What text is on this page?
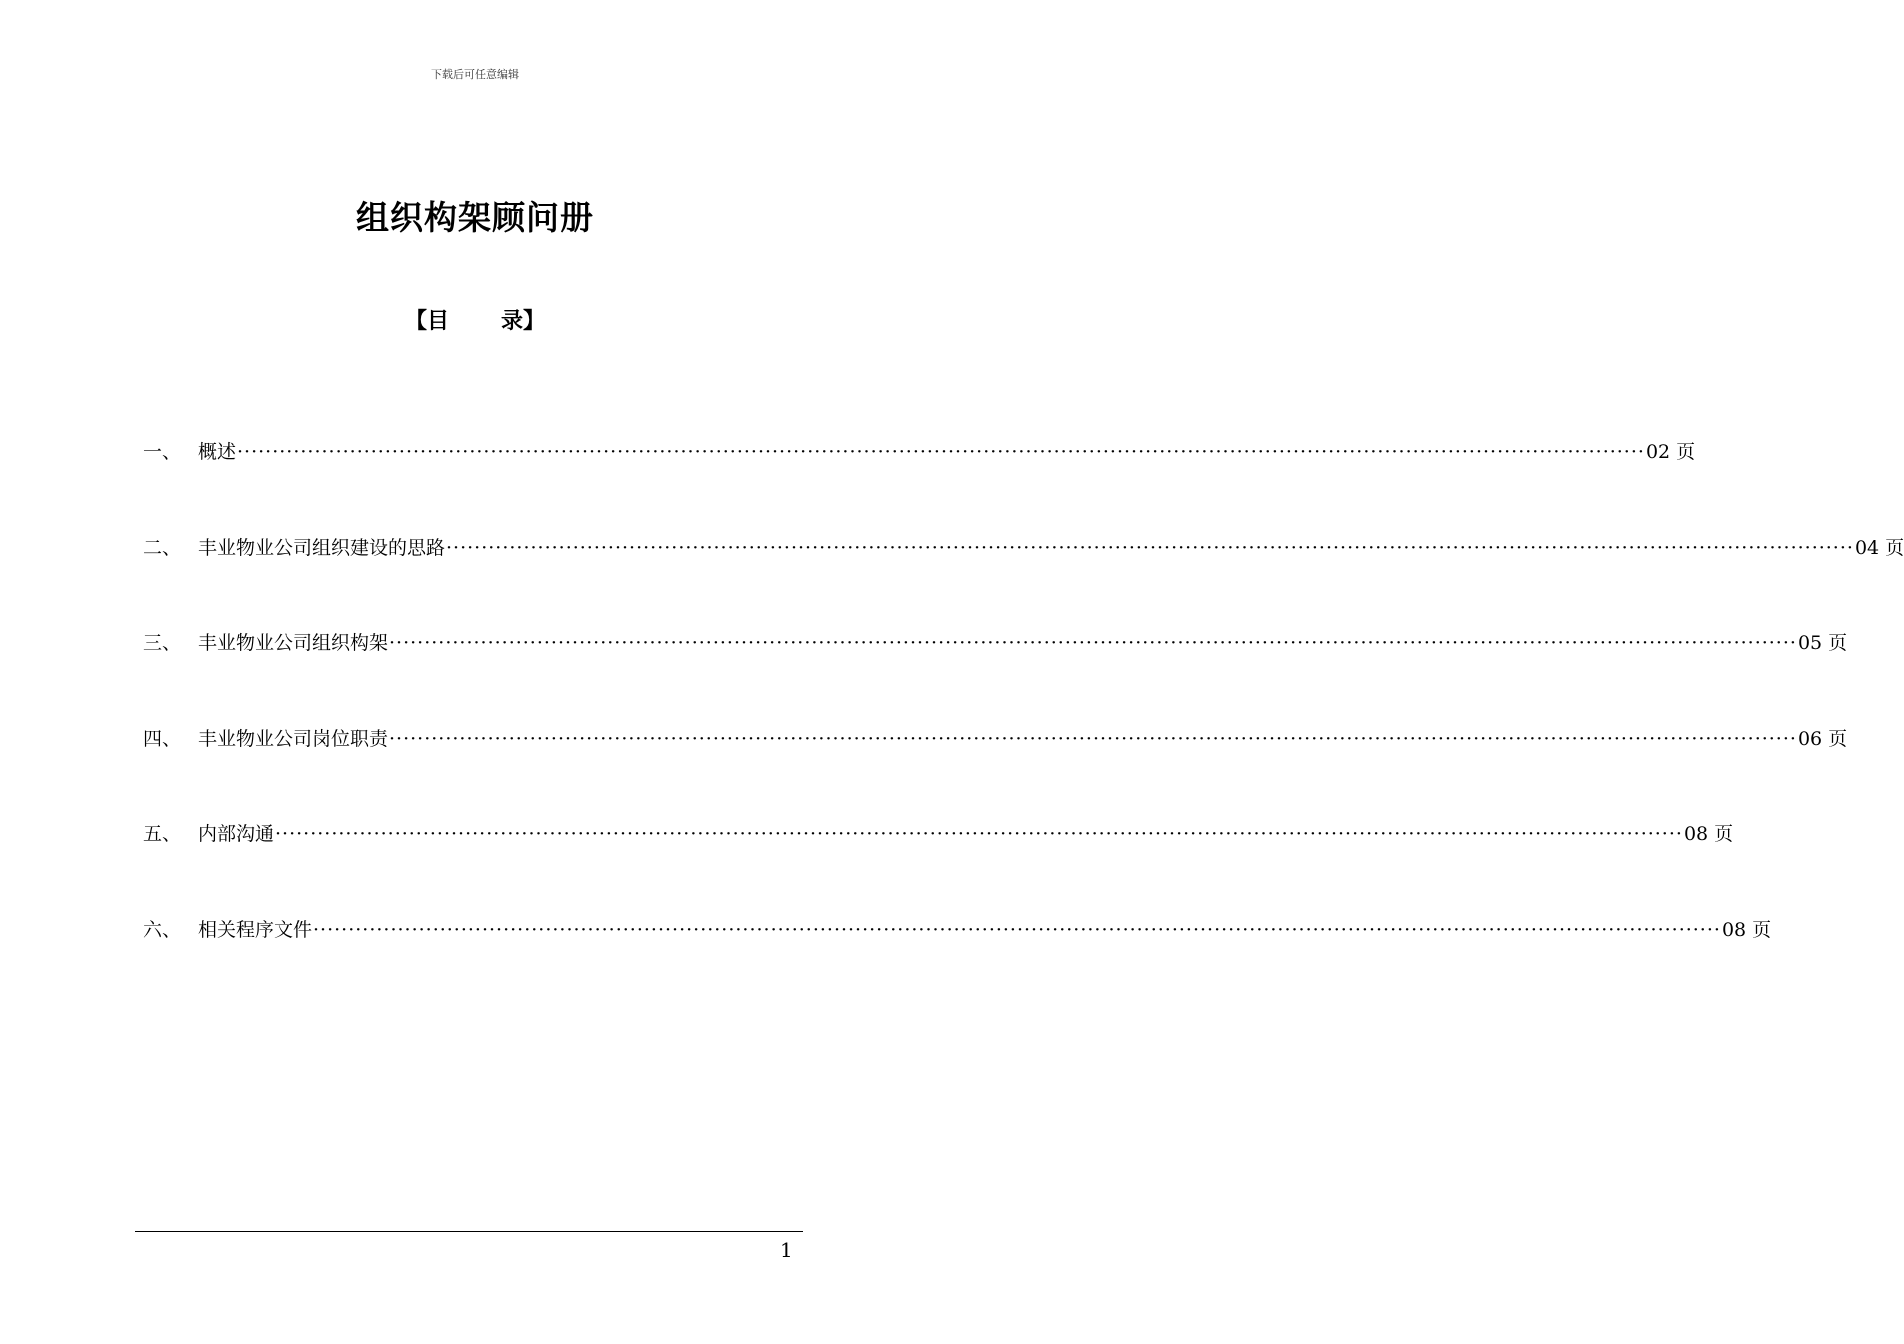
下载后可任意编辑
组织构架顾问册
【目 录】
一、 概述 ········································································································································································································ 02 页
二、 丰业物业公司组织建设的思路 ········································································································································································································ 04 页
三、 丰业物业公司组织构架 ········································································································································································································ 05 页
四、 丰业物业公司岗位职责 ········································································································································································································ 06 页
五、 内部沟通 ········································································································································································································ 08 页
六、 相关程序文件 ········································································································································································································ 08 页
1
